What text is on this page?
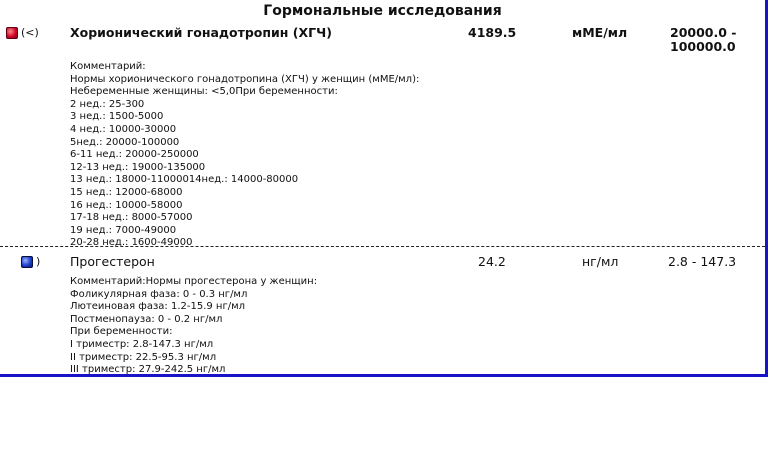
Гормональные исследования
(<) Хорионический гонадотропин (ХГЧ)	4189.5	мМЕ/мл	20000.0 -
100000.0
Комментарий:
Нормы хорионического гонадотропина (ХГЧ) у женщин (мМЕ/мл):
Небеременные женщины: <5,0При беременности:
2 нед.: 25-300
3 нед.: 1500-5000
4 нед.: 10000-30000
5нед.: 20000-100000
6-11 нед.: 20000-250000
12-13 нед.: 19000-135000
13 нед.: 18000-11000014нед.: 14000-80000
15 нед.: 12000-68000
16 нед.: 10000-58000
17-18 нед.: 8000-57000
19 нед.: 7000-49000
20-28 нед.: 1600-49000
) Прогестерон	24.2	нг/мл	2.8 - 147.3
Комментарий:Нормы прогестерона у женщин:
Фоликулярная фаза: 0 - 0.3 нг/мл
Лютеиновая фаза: 1.2-15.9 нг/мл
Постменопауза: 0 - 0.2 нг/мл
При беременности:
I триместр: 2.8-147.3 нг/мл
II триместр: 22.5-95.3 нг/мл
III триместр: 27.9-242.5 нг/мл
